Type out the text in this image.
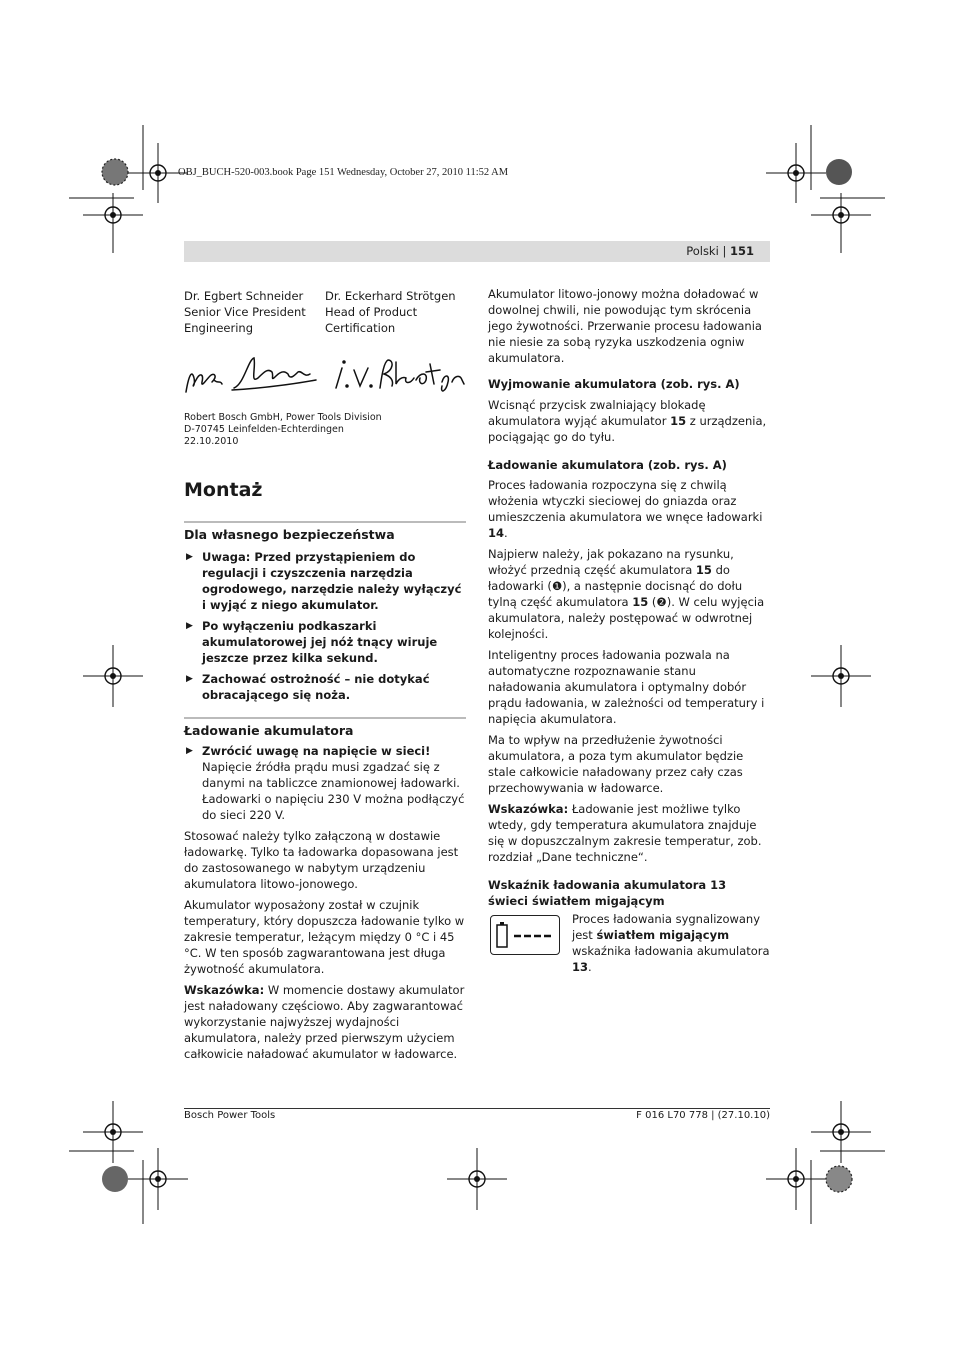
OBJ_BUCH-520-003.book Page 151 Wednesday, October 27, 2010 11:52 AM
Polski | 151
Dr. Egbert Schneider
Senior Vice President
Engineering
Dr. Eckerhard Strötgen
Head of Product
Certification
Robert Bosch GmbH, Power Tools Division
D-70745 Leinfelden-Echterdingen
22.10.2010
Montaż
Dla własnego bezpieczeństwa
▶ Uwaga: Przed przystąpieniem do regulacji i czyszczenia narzędzia ogrodowego, narzędzie należy wyłączyć i wyjąć z niego akumulator.
▶ Po wyłączeniu podkaszarki akumulatorowej jej nóż tnący wiruje jeszcze przez kilka sekund.
▶ Zachować ostrożność – nie dotykać obracającego się noża.
Ładowanie akumulatora
▶ Zwrócić uwagę na napięcie w sieci! Napięcie źródła prądu musi zgadzać się z danymi na tabliczce znamionowej ładowarki. Ładowarki o napięciu 230 V można podłączyć do sieci 220 V.

Stosować należy tylko załączoną w dostawie ładowarkę. Tylko ta ładowarka dopasowana jest do zastosowanego w nabytym urządzeniu akumulatora litowo-jonowego.

Akumulator wyposażony został w czujnik temperatury, który dopuszcza ładowanie tylko w zakresie temperatur, leżącym między 0 °C i 45 °C. W ten sposób zagwarantowana jest długa żywotność akumulatora.

Wskazówka: W momencie dostawy akumulator jest naładowany częściowo. Aby zagwarantować wykorzystanie najwyższej wydajności akumulatora, należy przed pierwszym użyciem całkowicie naładować akumulator w ładowarce.

Akumulator litowo-jonowy można doładować w dowolnej chwili, nie powodując tym skrócenia jego żywotności. Przerwanie procesu ładowania nie niesie za sobą ryzyka uszkodzenia ogniw akumulatora.

Wyjmowanie akumulatora (zob. rys. A)

Wcisnąć przycisk zwalniający blokadę akumulatora wyjąć akumulator 15 z urządzenia, pociągając go do tyłu.

Ładowanie akumulatora (zob. rys. A)

Proces ładowania rozpoczyna się z chwilą włożenia wtyczki sieciowej do gniazda oraz umieszczenia akumulatora we wnęce ładowarki 14.

Najpierw należy, jak pokazano na rysunku, włożyć przednią część akumulatora 15 do ładowarki (❶), a następnie docisnąć do dołu tylną część akumulatora 15 (❷). W celu wyjęcia akumulatora, należy postępować w odwrotnej kolejności.

Inteligentny proces ładowania pozwala na automatyczne rozpoznawanie stanu naładowania akumulatora i optymalny dobór prądu ładowania, w zależności od temperatury i napięcia akumulatora.

Ma to wpływ na przedłużenie żywotności akumulatora, a poza tym akumulator będzie stale całkowicie naładowany przez cały czas przechowywania w ładowarce.

Wskazówka: Ładowanie jest możliwe tylko wtedy, gdy temperatura akumulatora znajduje się w dopuszczalnym zakresie temperatur, zob. rozdział „Dane techniczne“.

Wskaźnik ładowania akumulatora 13 świeci światłem migającym
Proces ładowania sygnalizowany jest światłem migającym wskaźnika ładowania akumulatora 13.
Bosch Power Tools	F 016 L70 778 | (27.10.10)
